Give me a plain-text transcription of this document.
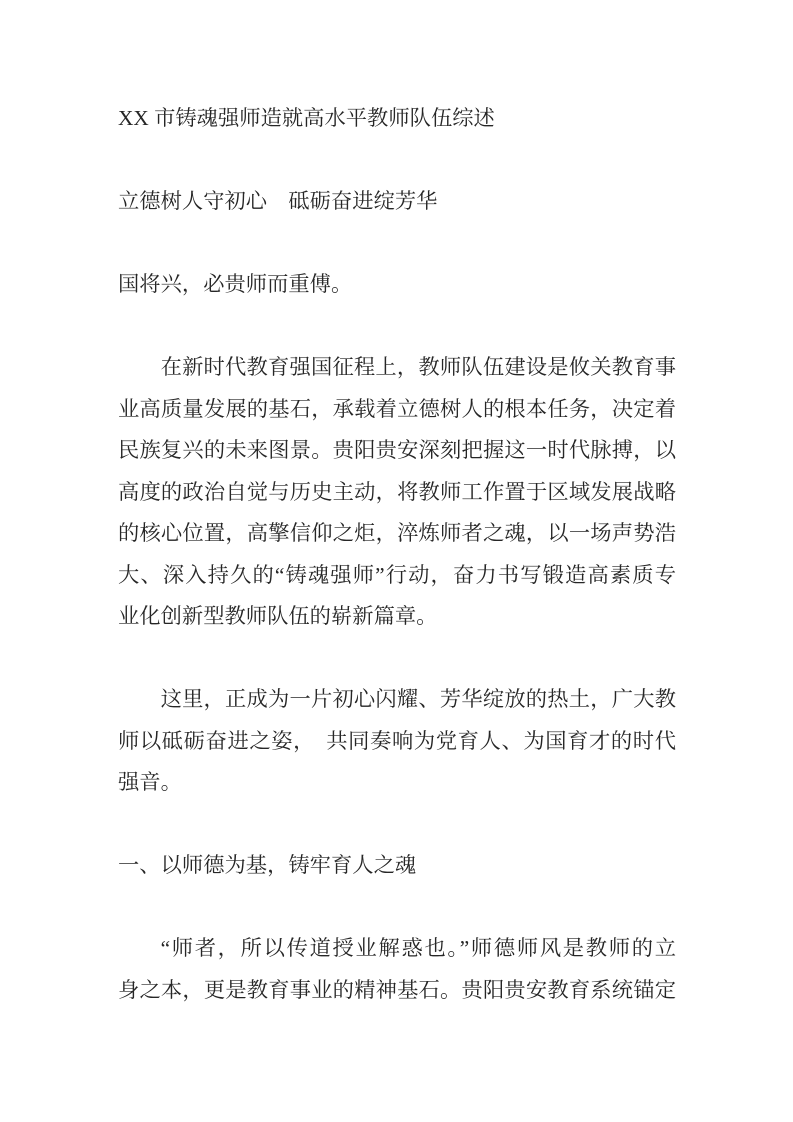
XX 市铸魂强师造就高水平教师队伍综述
立德树人守初心　砥砺奋进绽芳华
国将兴，必贵师而重傅。
在新时代教育强国征程上，教师队伍建设是攸关教育事
业高质量发展的基石，承载着立德树人的根本任务，决定着
民族复兴的未来图景。贵阳贵安深刻把握这一时代脉搏，以
高度的政治自觉与历史主动，将教师工作置于区域发展战略
的核心位置，高擎信仰之炬，淬炼师者之魂，以一场声势浩
大、深入持久的“铸魂强师”行动，奋力书写锻造高素质专
业化创新型教师队伍的崭新篇章。
这里，正成为一片初心闪耀、芳华绽放的热土，广大教
师以砥砺奋进之姿，　共同奏响为党育人、为国育才的时代
强音。
一、以师德为基，铸牢育人之魂
“师者，所以传道授业解惑也。”师德师风是教师的立
身之本，更是教育事业的精神基石。贵阳贵安教育系统锚定
